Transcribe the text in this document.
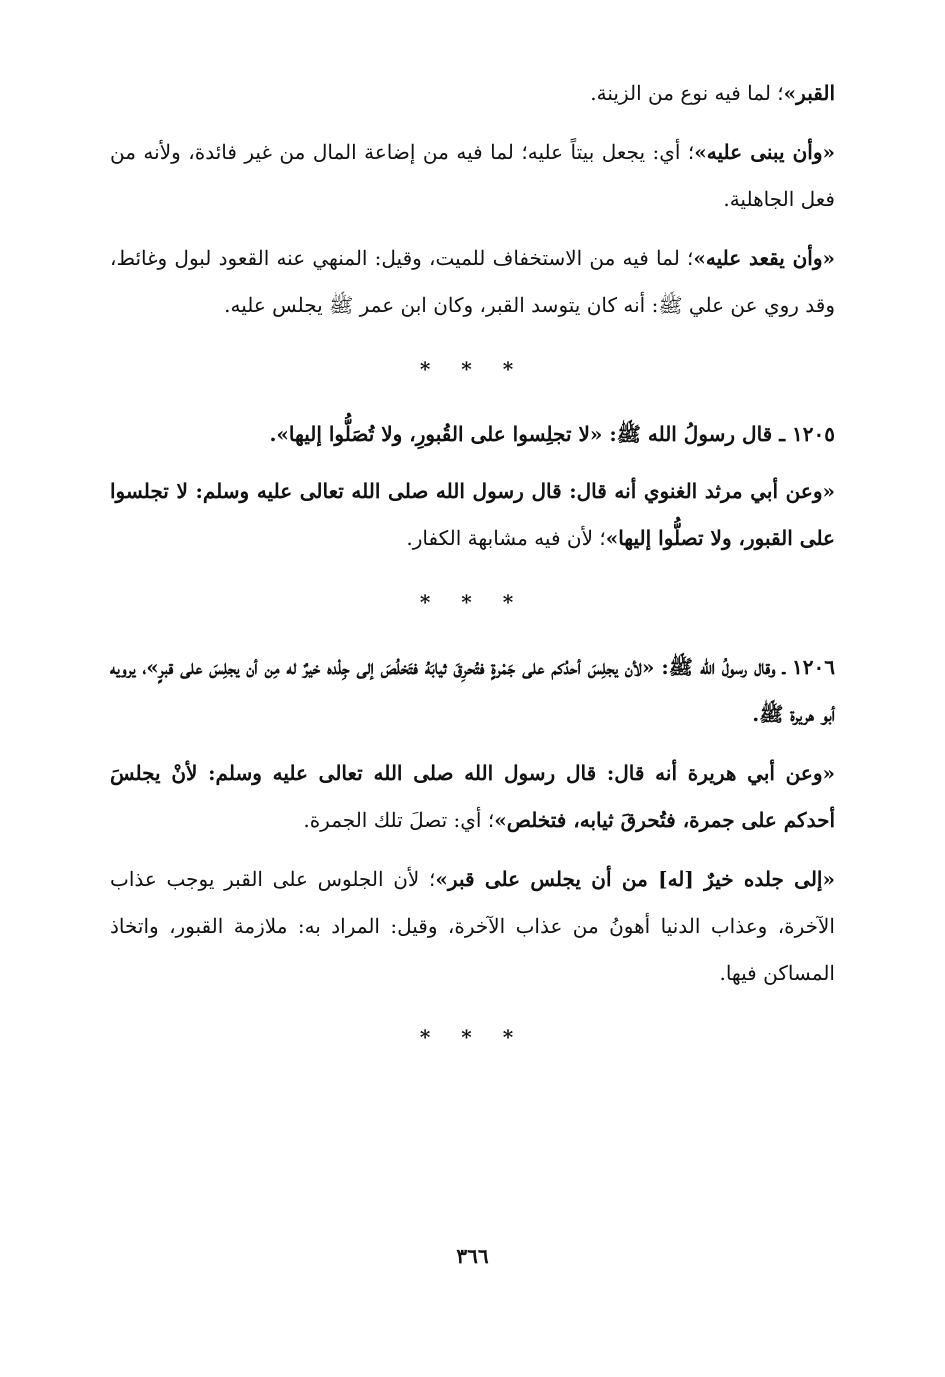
القبر»؛ لما فيه نوع من الزينة.

«وأن يبنى عليه»؛ أي: يجعل بيتاً عليه؛ لما فيه من إضاعة المال من غير فائدة، ولأنه من فعل الجاهلية.

«وأن يقعد عليه»؛ لما فيه من الاستخفاف للميت، وقيل: المنهي عنه القعود لبول وغائط، وقد روي عن علي ﷺ: أنه كان يتوسد القبر، وكان ابن عمر ﷺ يجلس عليه.

* * *

١٢٠٥ ـ قال رسولُ الله ﷺ: «لا تجلِسوا على القُبورِ، ولا تُصَلُّوا إليها».

«وعن أبي مرثد الغنوي أنه قال: قال رسول الله صلى الله تعالى عليه وسلم: لا تجلسوا على القبور، ولا تصلُّوا إليها»؛ لأن فيه مشابهة الكفار.

* * *

١٢٠٦ ـ وقال رسولُ الله ﷺ: «لأن يجلِسَ أحدُكم على جَمْرةٍ فتُحرِقَ ثيابَهُ فتَخلُصَ إلى جِلْده خيرٌ له مِن أن يجلِسَ على قبرٍ»، يرويه أبو هريرة ﷺ.

«وعن أبي هريرة أنه قال: قال رسول الله صلى الله تعالى عليه وسلم: لأنْ يجلسَ أحدكم على جمرة، فتُحرقَ ثيابه، فتخلص»؛ أي: تصلَ تلك الجمرة.

«إلى جلده خيرٌ [له] من أن يجلس على قبر»؛ لأن الجلوس على القبر يوجب عذاب الآخرة، وعذاب الدنيا أهونُ من عذاب الآخرة، وقيل: المراد به: ملازمة القبور، واتخاذ المساكن فيها.

* * *
٣٦٦
